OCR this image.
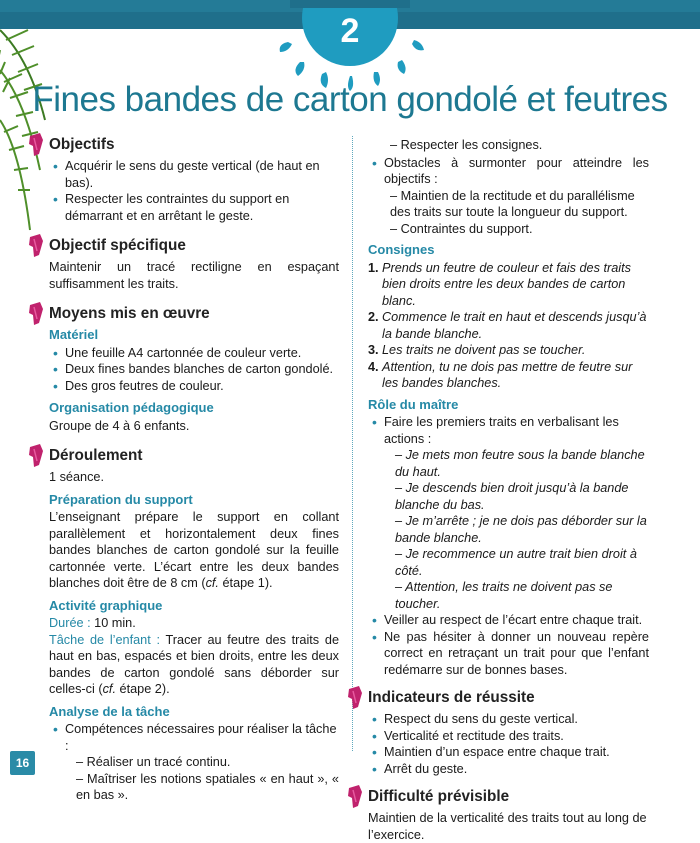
2
Fines bandes de carton gondolé et feutres
Objectifs
• Acquérir le sens du geste vertical (de haut en bas).
• Respecter les contraintes du support en démarrant et en arrêtant le geste.
Objectif spécifique

Maintenir un tracé rectiligne en espaçant suffisamment les traits.

Moyens mis en œuvre
Matériel
• Une feuille A4 cartonnée de couleur verte.
• Deux fines bandes blanches de carton gondolé.
• Des gros feutres de couleur.
Organisation pédagogique

Groupe de 4 à 6 enfants.

Déroulement

1 séance.

Préparation du support

L’enseignant prépare le support en collant parallèlement et horizontalement deux fines bandes blanches de carton gondolé sur la feuille cartonnée verte. L’écart entre les deux bandes blanches doit être de 8 cm (cf. étape 1).

Activité graphique

Durée : 10 min.

Tâche de l’enfant : Tracer au feutre des traits de haut en bas, espacés et bien droits, entre les deux bandes de carton gondolé sans déborder sur celles-ci (cf. étape 2).

Analyse de la tâche
• Compétences nécessaires pour réaliser la tâche :
– Réaliser un tracé continu.
– Maîtriser les notions spatiales « en haut », « en bas ».
– Respecter les consignes.
• Obstacles à surmonter pour atteindre les objectifs :
– Maintien de la rectitude et du parallélisme des traits sur toute la longueur du support.
– Contraintes du support.
Consignes
1. Prends un feutre de couleur et fais des traits bien droits entre les deux bandes de carton blanc.
2. Commence le trait en haut et descends jusqu’à la bande blanche.
3. Les traits ne doivent pas se toucher.
4. Attention, tu ne dois pas mettre de feutre sur les bandes blanches.
Rôle du maître
• Faire les premiers traits en verbalisant les actions :
– Je mets mon feutre sous la bande blanche du haut.
– Je descends bien droit jusqu’à la bande blanche du bas.
– Je m’arrête ; je ne dois pas déborder sur la bande blanche.
– Je recommence un autre trait bien droit à côté.
– Attention, les traits ne doivent pas se toucher.
• Veiller au respect de l’écart entre chaque trait.
• Ne pas hésiter à donner un nouveau repère correct en retraçant un trait pour que l’enfant redémarre sur de bonnes bases.
Indicateurs de réussite
• Respect du sens du geste vertical.
• Verticalité et rectitude des traits.
• Maintien d’un espace entre chaque trait.
• Arrêt du geste.
Difficulté prévisible

Maintien de la verticalité des traits tout au long de l’exercice.

16
